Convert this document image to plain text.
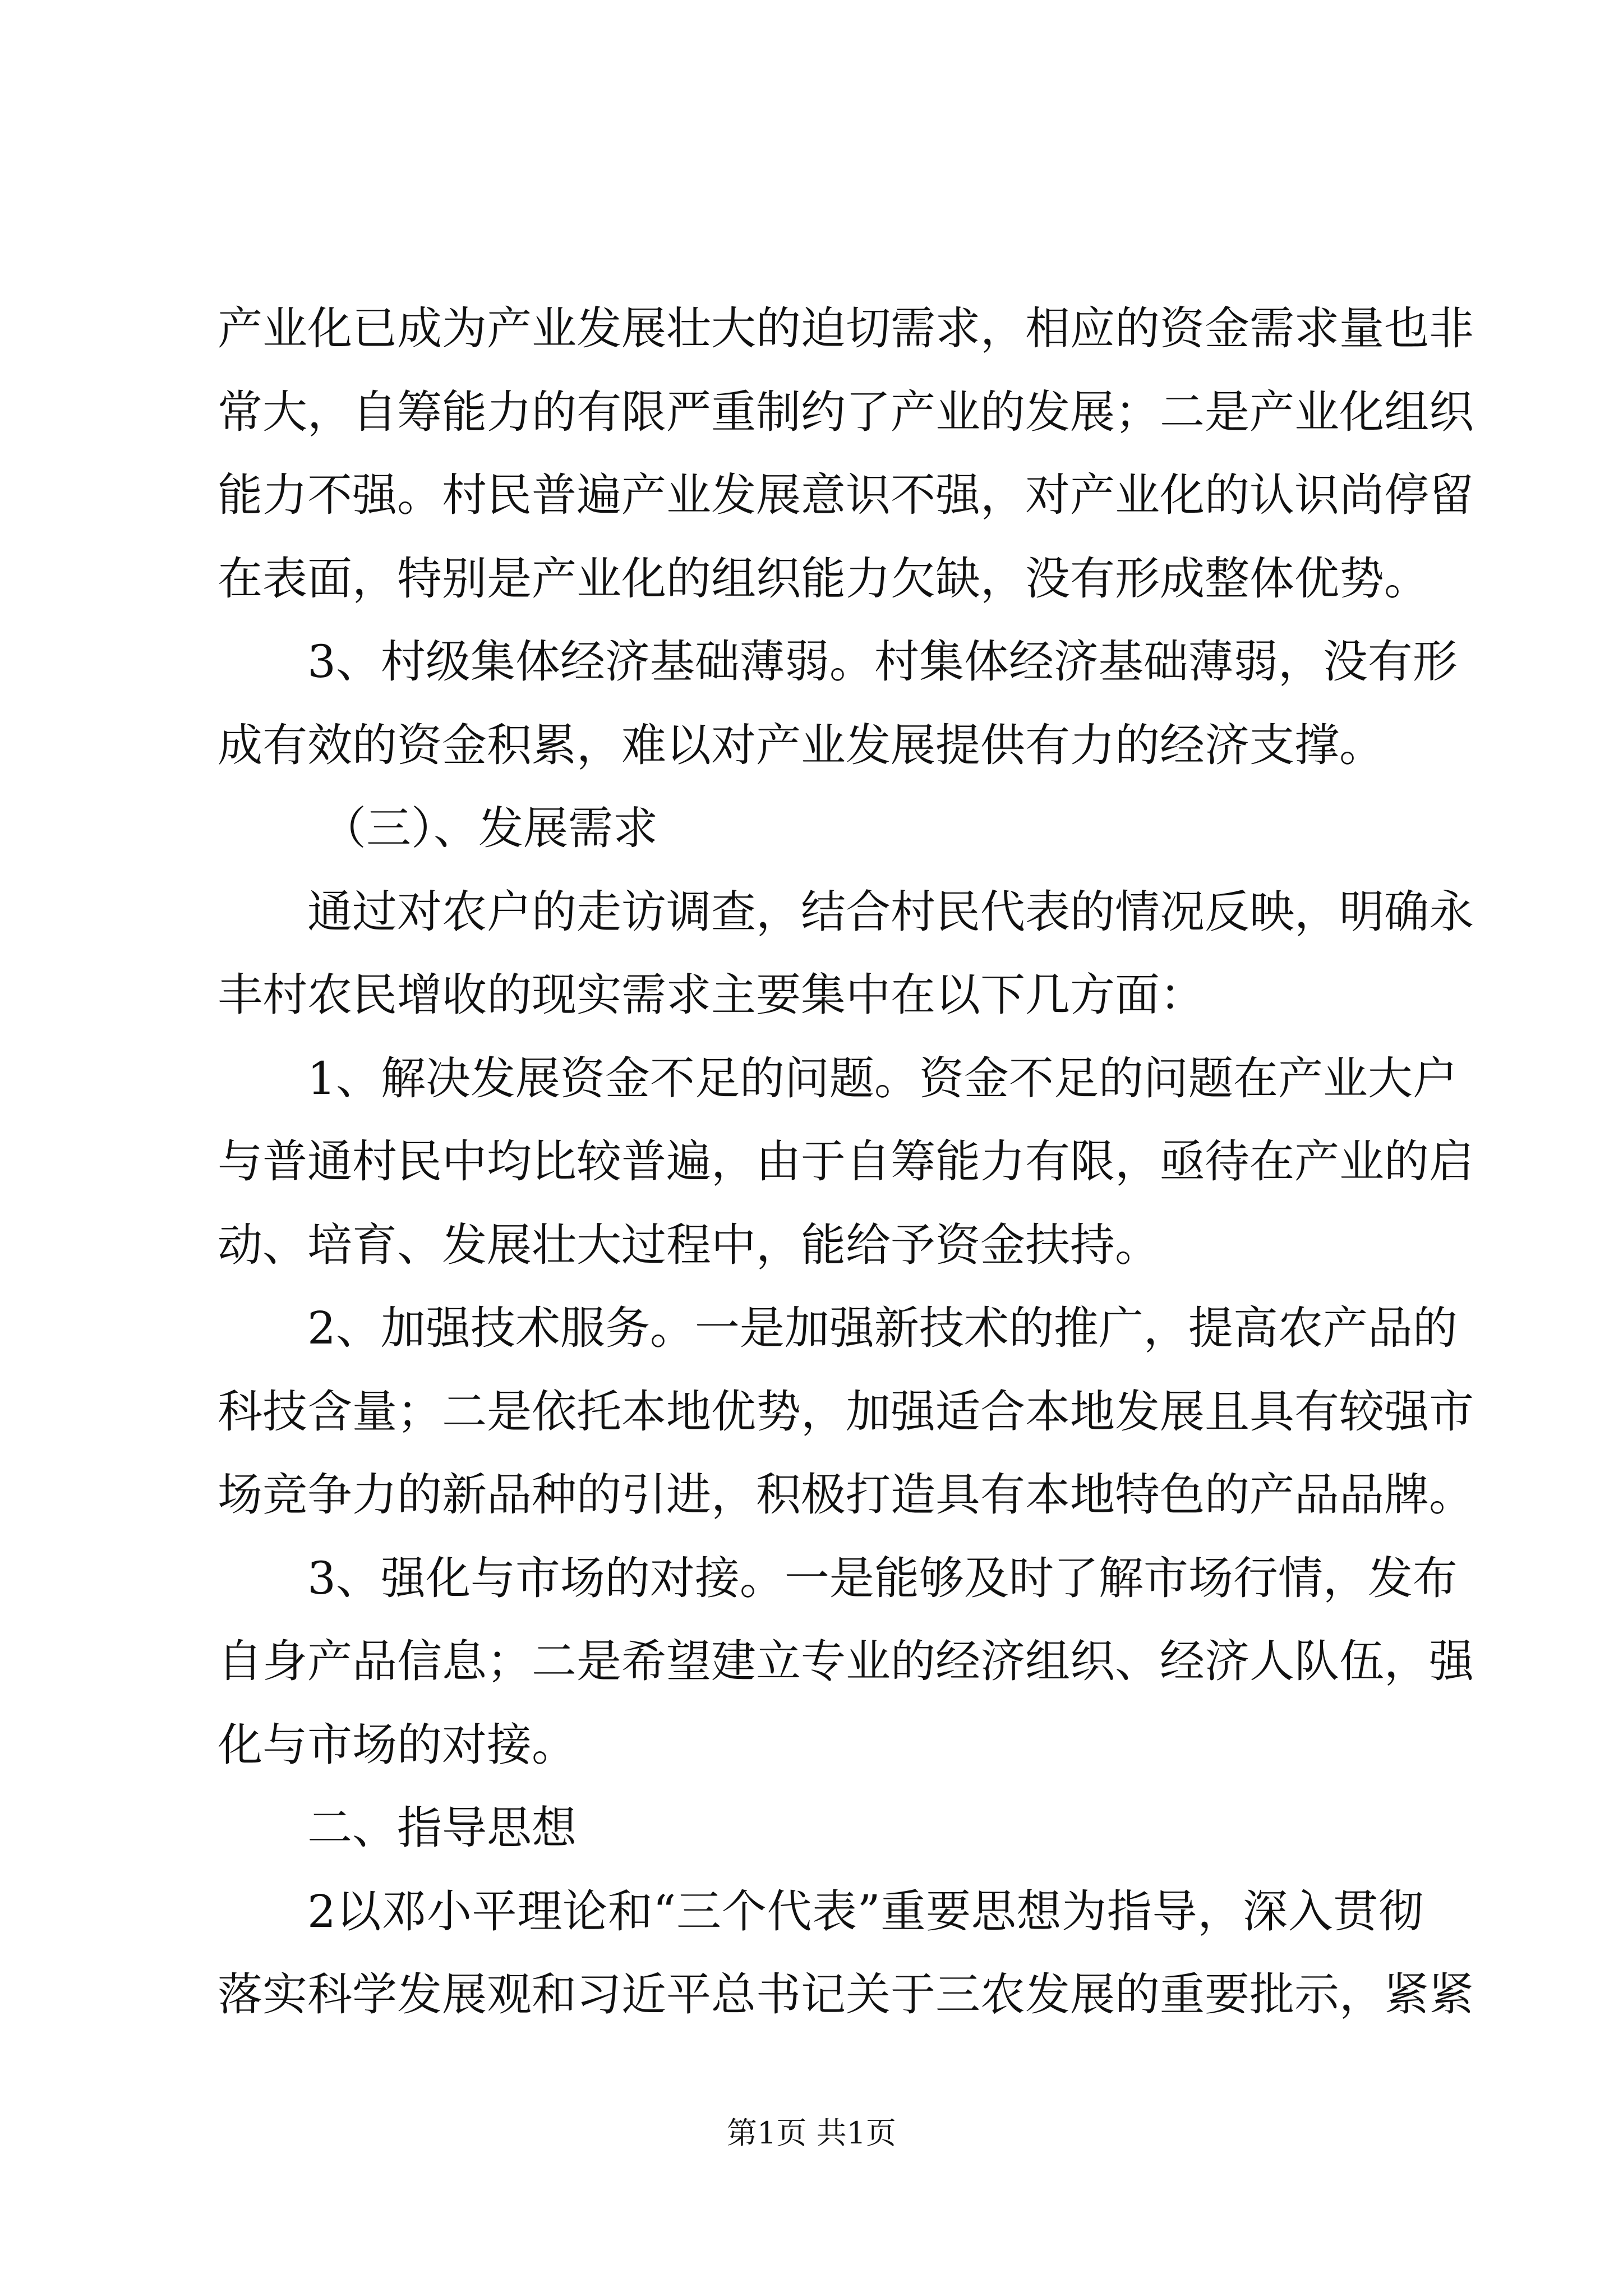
产业化已成为产业发展壮大的迫切需求，相应的资金需求量也非
常大，自筹能力的有限严重制约了产业的发展；二是产业化组织
能力不强。村民普遍产业发展意识不强，对产业化的认识尚停留
在表面，特别是产业化的组织能力欠缺，没有形成整体优势。
3、村级集体经济基础薄弱。村集体经济基础薄弱，没有形
成有效的资金积累，难以对产业发展提供有力的经济支撑。
（三）、发展需求
通过对农户的走访调查，结合村民代表的情况反映，明确永
丰村农民增收的现实需求主要集中在以下几方面：
1、解决发展资金不足的问题。资金不足的问题在产业大户
与普通村民中均比较普遍，由于自筹能力有限，亟待在产业的启
动、培育、发展壮大过程中，能给予资金扶持。
2、加强技术服务。一是加强新技术的推广，提高农产品的
科技含量；二是依托本地优势，加强适合本地发展且具有较强市
场竞争力的新品种的引进，积极打造具有本地特色的产品品牌。
3、强化与市场的对接。一是能够及时了解市场行情，发布
自身产品信息；二是希望建立专业的经济组织、经济人队伍，强
化与市场的对接。
二、指导思想
2以邓小平理论和“三个代表”重要思想为指导，深入贯彻
落实科学发展观和习近平总书记关于三农发展的重要批示，紧紧
第1页 共1页
